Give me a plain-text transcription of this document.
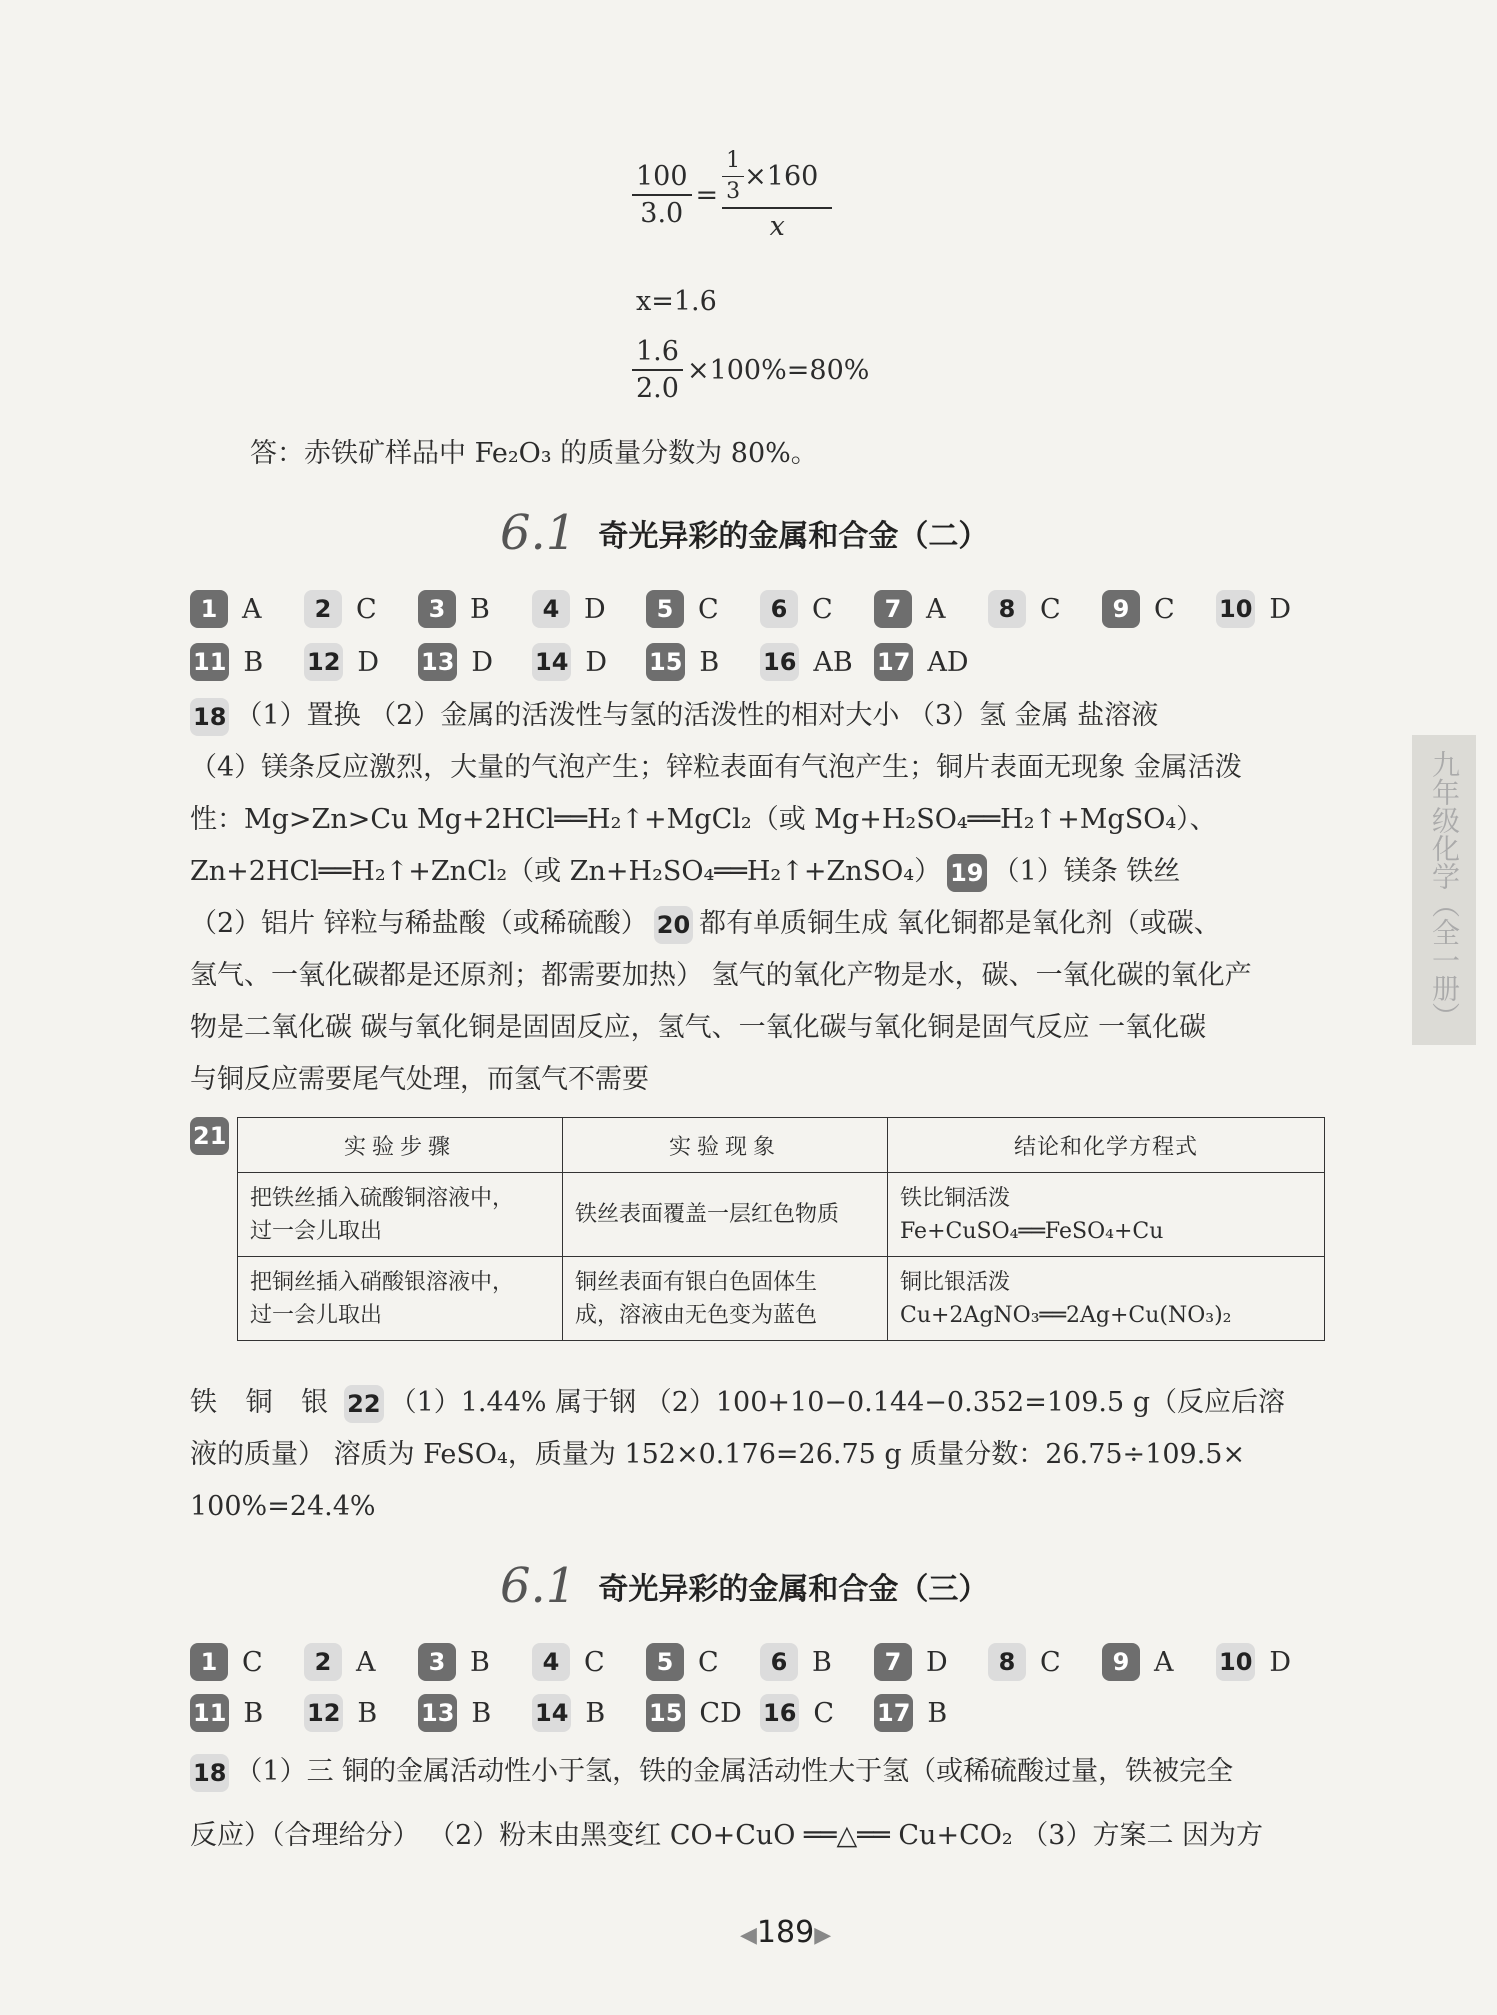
$\frac{100}{3.0} = \frac{\frac{1}{3} \times 160}{x}$
x=1.6
$\frac{1.6}{2.0} \times 100\%=80\%$
答：赤铁矿样品中 Fe₂O₃ 的质量分数为 80%。
6.1 奇光异彩的金属和合金（二）
1 A	2 C	3 B	4 D	5 C	6 C	7 A	8 C	9 C 10 D
11 B 12 D 13 D 14 D 15 B 16 AB 17 AD
18 （1）置换 （2）金属的活泼性与氢的活泼性的相对大小 （3）氢 金属 盐溶液
（4）镁条反应激烈，大量的气泡产生；锌粒表面有气泡产生；铜片表面无现象 金属活泼
性：Mg>Zn>Cu Mg+2HCl══H₂↑+MgCl₂（或 Mg+H₂SO₄══H₂↑+MgSO₄）、
Zn+2HCl══H₂↑+ZnCl₂（或 Zn+H₂SO₄══H₂↑+ZnSO₄） 19 （1）镁条 铁丝
（2）铝片 锌粒与稀盐酸（或稀硫酸） 20 都有单质铜生成 氧化铜都是氧化剂（或碳、
氢气、一氧化碳都是还原剂；都需要加热） 氢气的氧化产物是水，碳、一氧化碳的氧化产
物是二氧化碳 碳与氧化铜是固固反应，氢气、一氧化碳与氧化铜是固气反应 一氧化碳
与铜反应需要尾气处理，而氢气不需要
21	实验步骤	实验现象	结论和化学方程式
把铁丝插入硫酸铜溶液中，
过一会儿取出	铁丝表面覆盖一层红色物质	铁比铜活泼
Fe+CuSO₄══FeSO₄+Cu
把铜丝插入硝酸银溶液中，
过一会儿取出	铜丝表面有银白色固体生
成，溶液由无色变为蓝色	铜比银活泼
Cu+2AgNO₃══2Ag+Cu(NO₃)₂
铁 铜 银 22 （1）1.44% 属于钢 （2）100+10−0.144−0.352=109.5 g（反应后溶
液的质量） 溶质为 FeSO₄，质量为 152×0.176=26.75 g 质量分数：26.75÷109.5×
100%=24.4%
6.1 奇光异彩的金属和合金（三）
1 C	2 A	3 B	4 C	5 C	6 B	7 D	8 C	9 A 10 D
11 B 12 B 13 B 14 B 15 CD 16 C 17 B
18 （1）三 铜的金属活动性小于氢，铁的金属活动性大于氢（或稀硫酸过量，铁被完全
反应）（合理给分） （2）粉末由黑变红 CO+CuO ══△══ Cu+CO₂ （3）方案二 因为方
九年级化学（全一册）
◀189▶
